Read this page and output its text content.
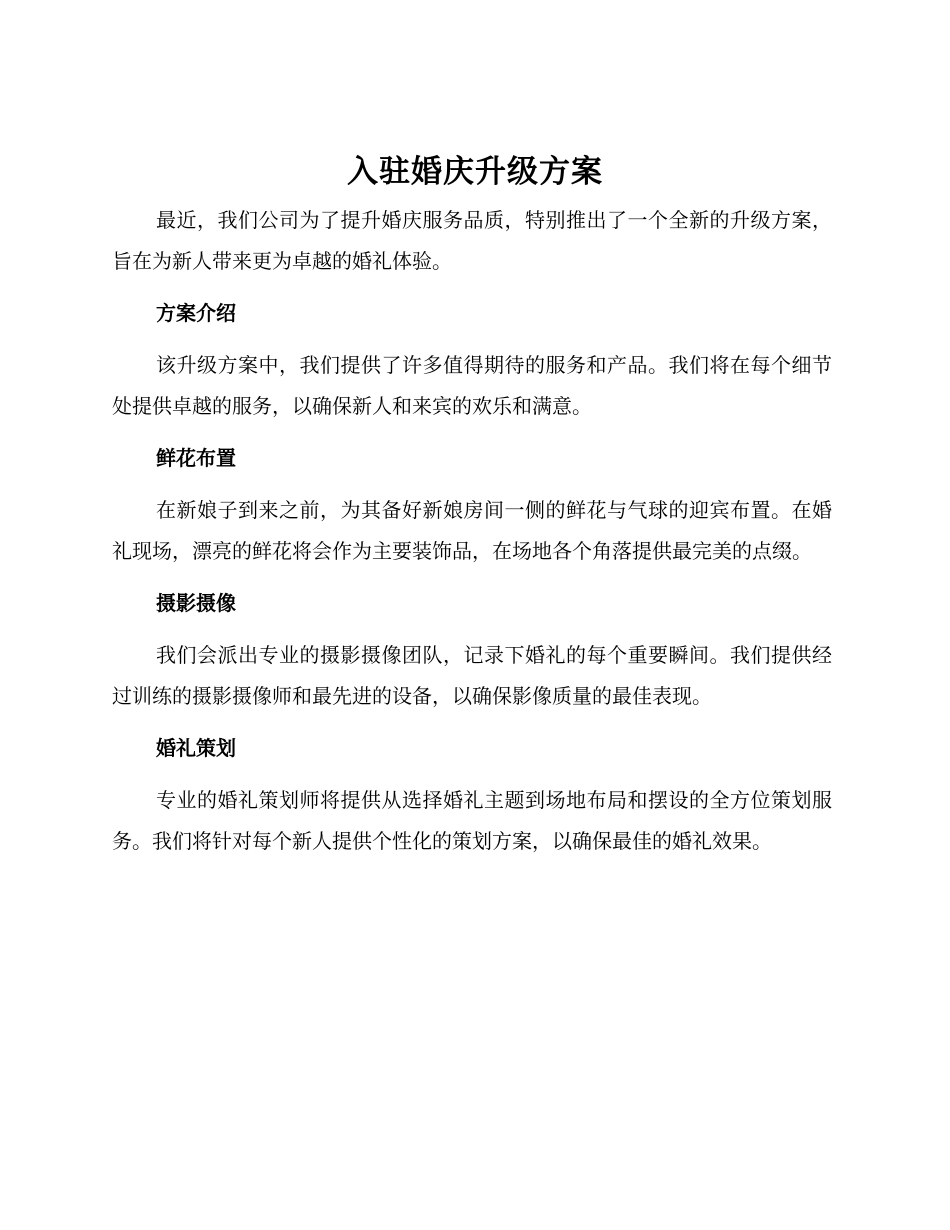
入驻婚庆升级方案

最近，我们公司为了提升婚庆服务品质，特别推出了一个全新的升级方案，旨在为新人带来更为卓越的婚礼体验。

方案介绍

该升级方案中，我们提供了许多值得期待的服务和产品。我们将在每个细节处提供卓越的服务，以确保新人和来宾的欢乐和满意。

鲜花布置

在新娘子到来之前，为其备好新娘房间一侧的鲜花与气球的迎宾布置。在婚礼现场，漂亮的鲜花将会作为主要装饰品，在场地各个角落提供最完美的点缀。

摄影摄像

我们会派出专业的摄影摄像团队，记录下婚礼的每个重要瞬间。我们提供经过训练的摄影摄像师和最先进的设备，以确保影像质量的最佳表现。

婚礼策划

专业的婚礼策划师将提供从选择婚礼主题到场地布局和摆设的全方位策划服务。我们将针对每个新人提供个性化的策划方案，以确保最佳的婚礼效果。
